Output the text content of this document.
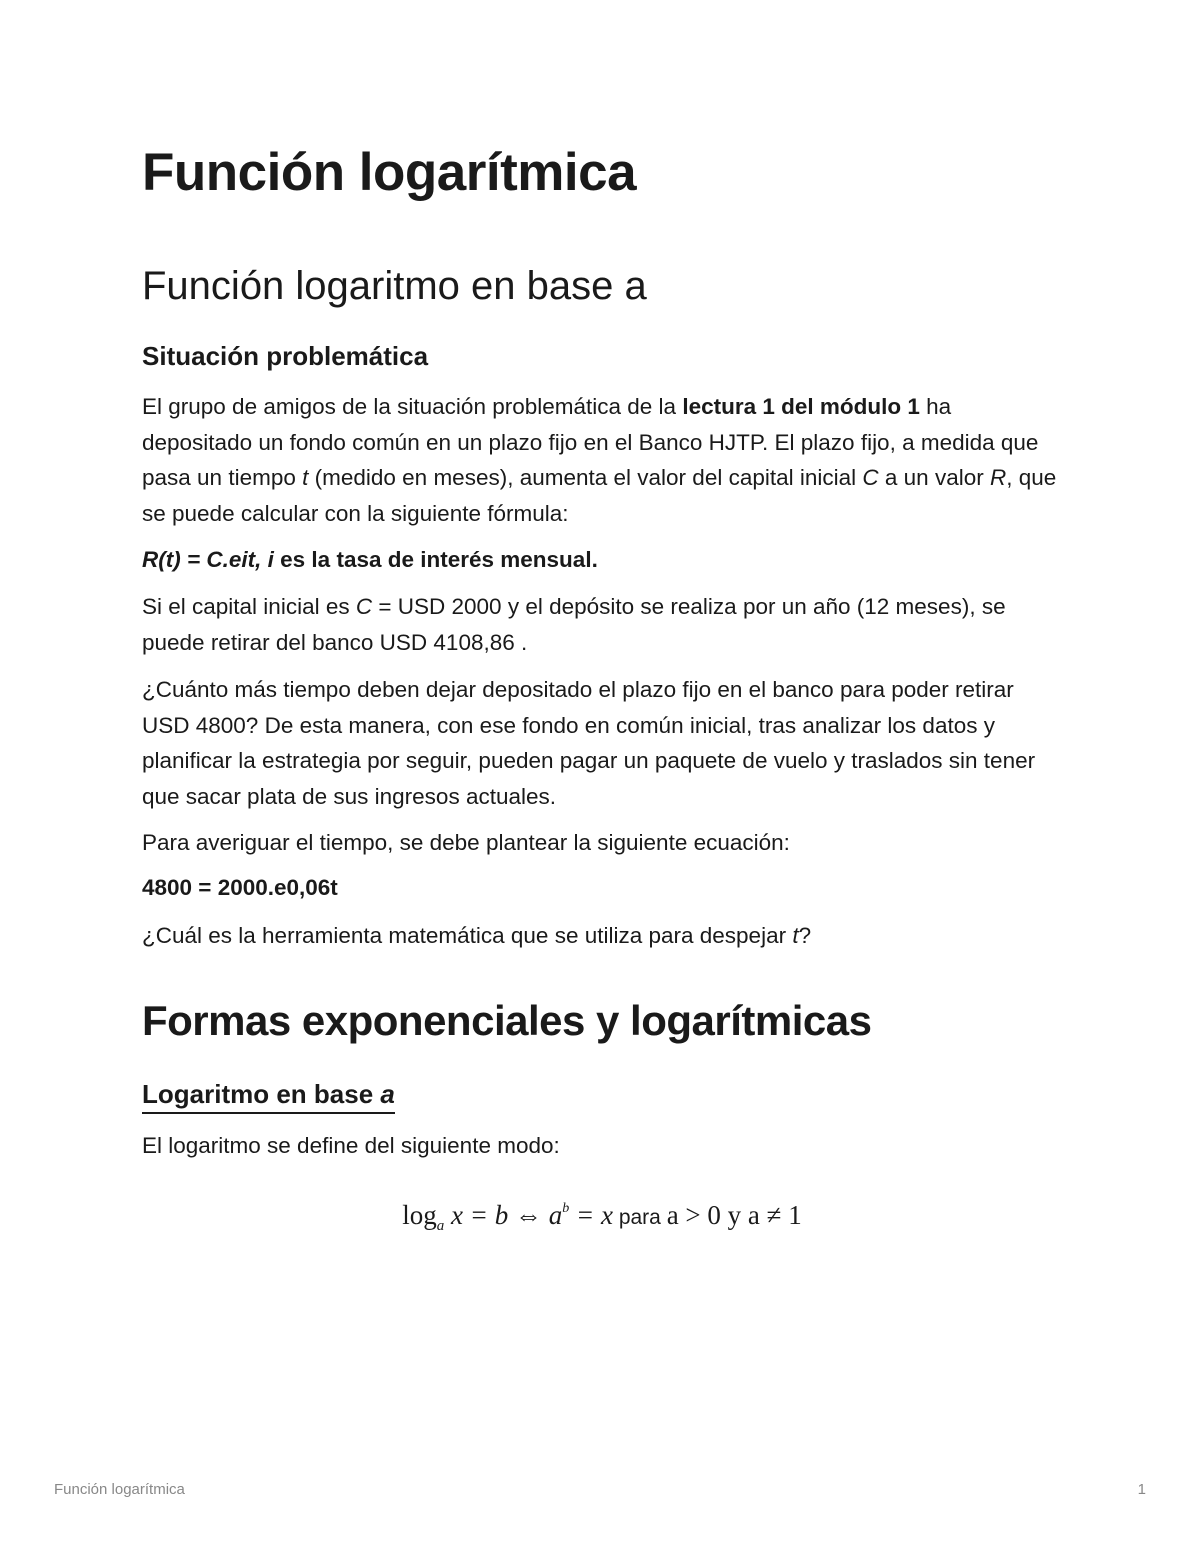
Función logarítmica
Función logaritmo en base a
Situación problemática

El grupo de amigos de la situación problemática de la lectura 1 del módulo 1 ha depositado un fondo común en un plazo fijo en el Banco HJTP. El plazo fijo, a medida que pasa un tiempo t (medido en meses), aumenta el valor del capital inicial C a un valor R, que se puede calcular con la siguiente fórmula:

R(t) = C.eit, i es la tasa de interés mensual.

Si el capital inicial es C = USD 2000 y el depósito se realiza por un año (12 meses), se puede retirar del banco USD 4108,86 .

¿Cuánto más tiempo deben dejar depositado el plazo fijo en el banco para poder retirar USD 4800? De esta manera, con ese fondo en común inicial, tras analizar los datos y planificar la estrategia por seguir, pueden pagar un paquete de vuelo y traslados sin tener que sacar plata de sus ingresos actuales.

Para averiguar el tiempo, se debe plantear la siguiente ecuación:

4800 = 2000.e0,06t

¿Cuál es la herramienta matemática que se utiliza para despejar t?

Formas exponenciales y logarítmicas
Logaritmo en base a

El logaritmo se define del siguiente modo:

$\log_a x = b$ ⇔ $a^b = x$ para a > 0 y a ≠ 1
Función logarítmica	1
